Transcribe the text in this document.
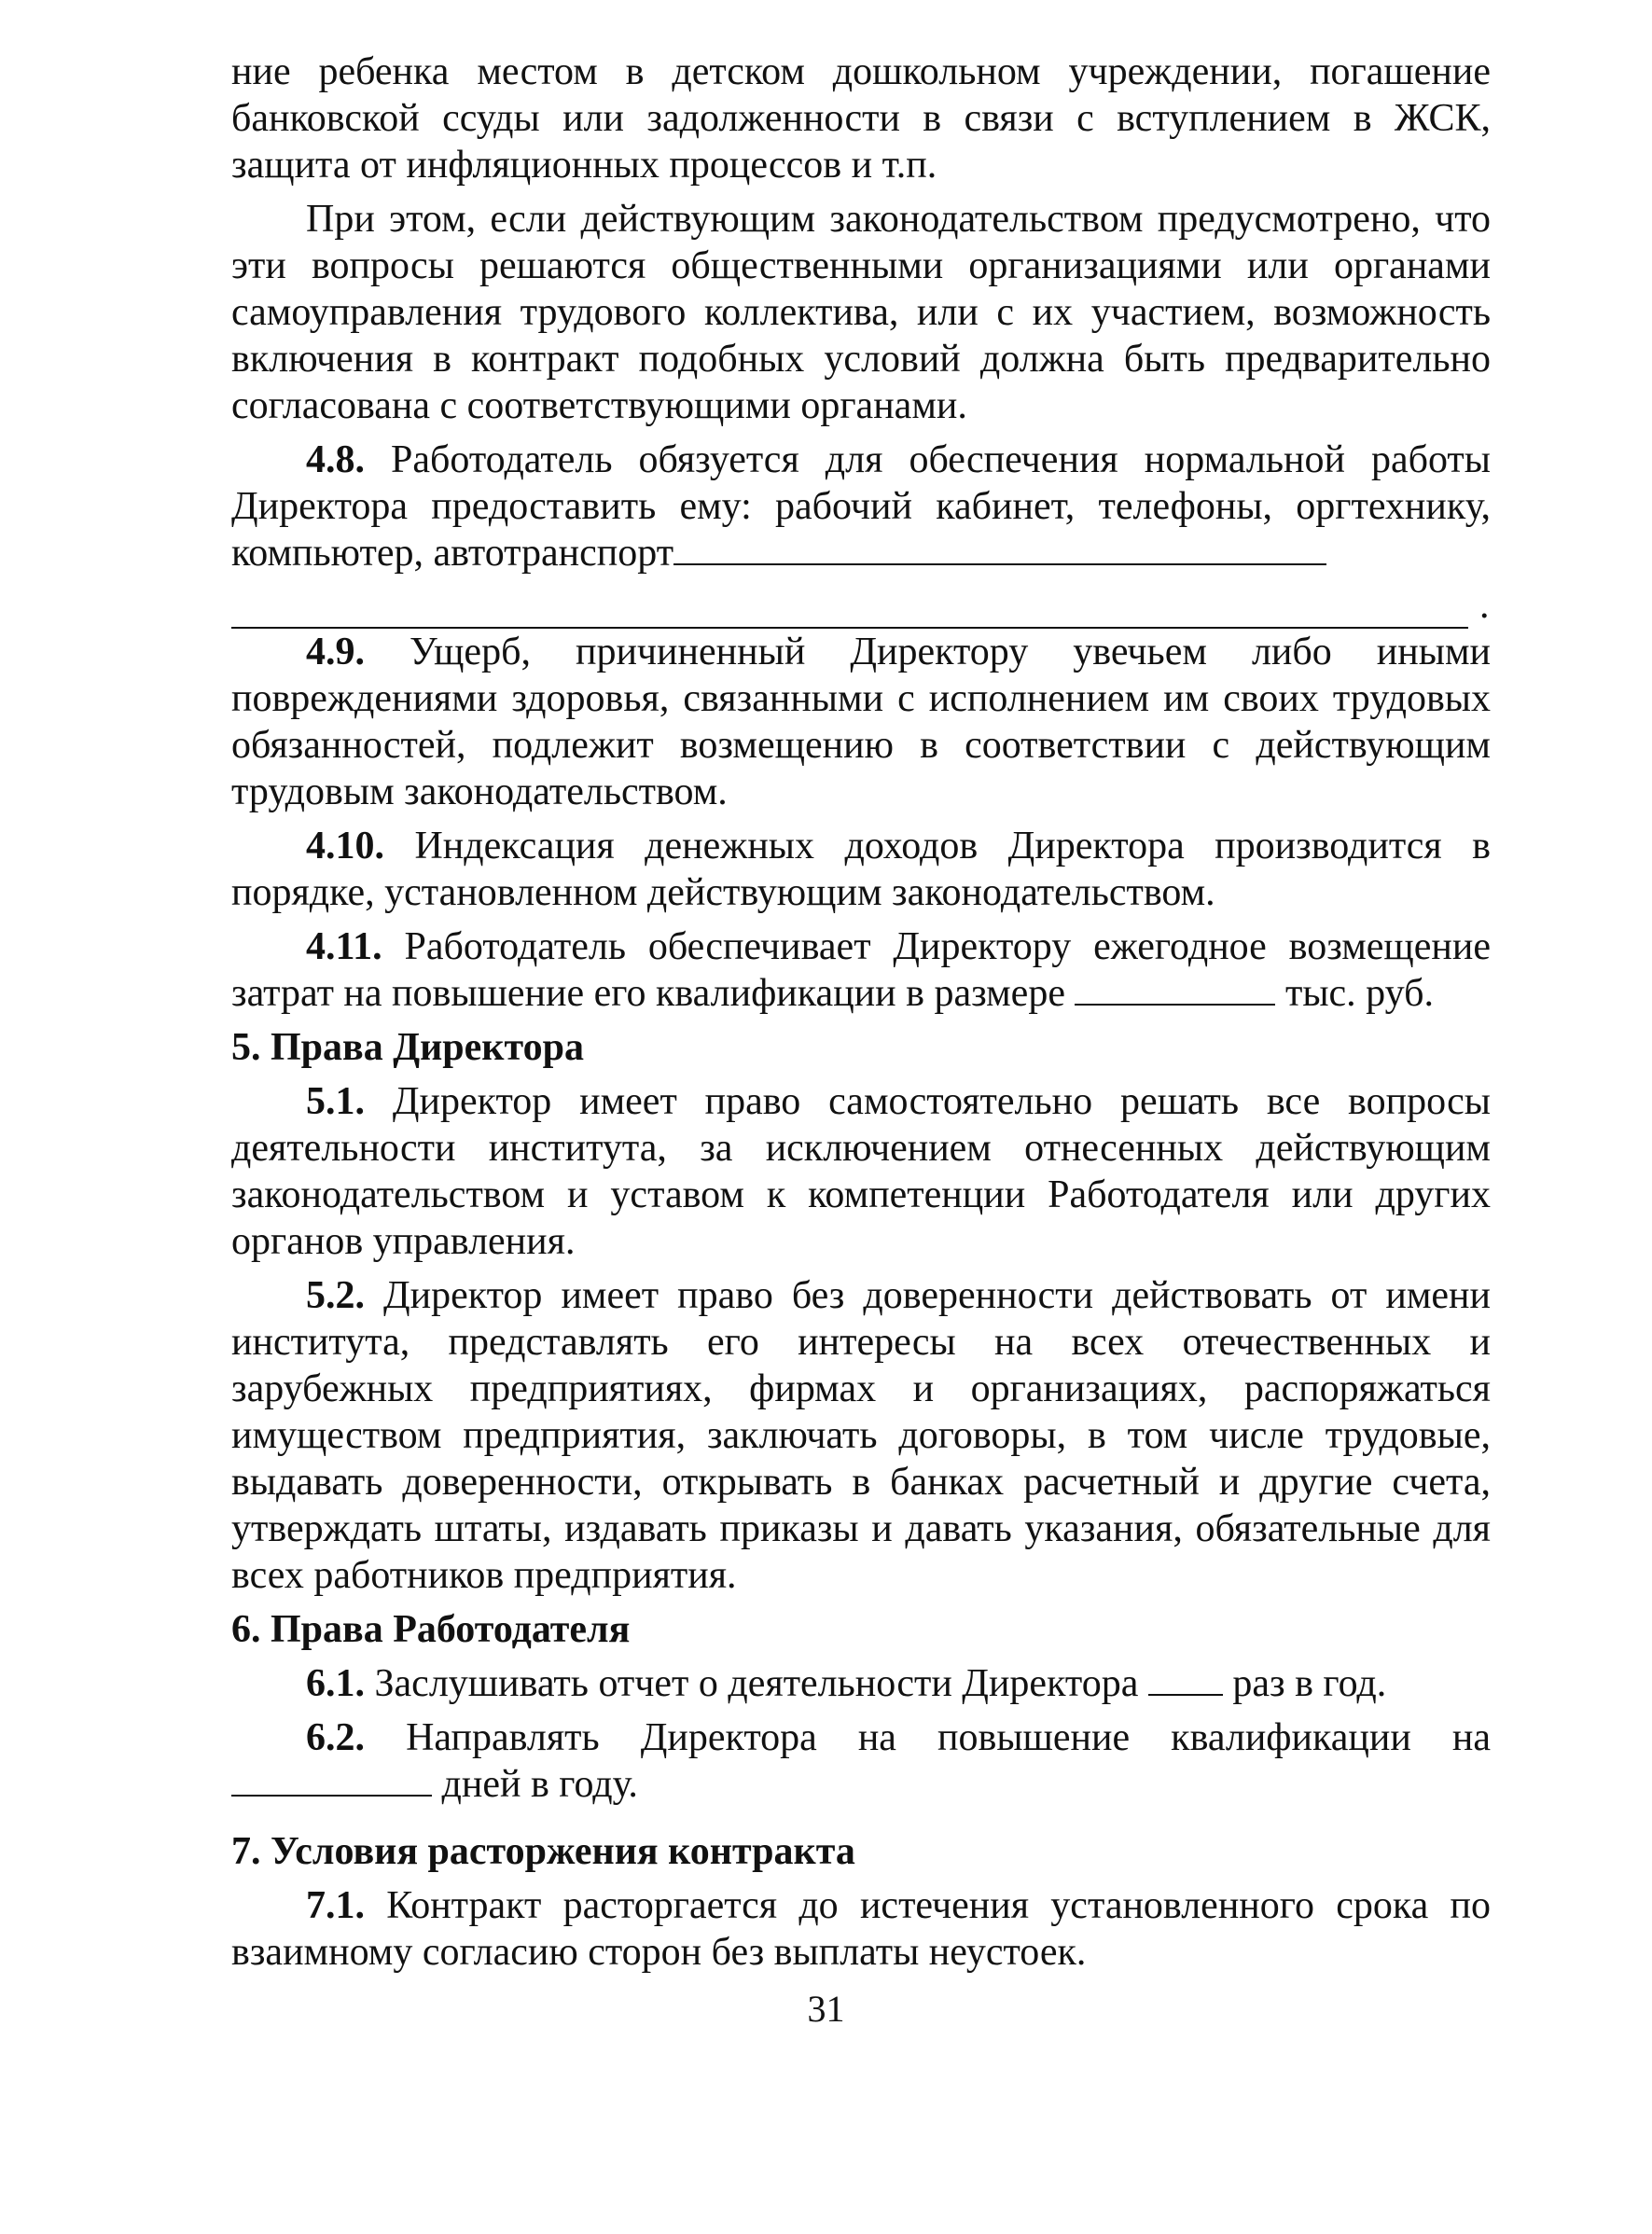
ние ребенка местом в детском дошкольном учреждении, погашение банковской ссуды или задолженности в связи с вступлением в ЖСК, защита от инфляционных процессов и т.п.

При этом, если действующим законодательством предусмотрено, что эти вопросы решаются общественными организациями или органами самоуправления трудового коллектива, или с их участием, возможность включения в контракт подобных условий должна быть предварительно согласована с соответствующими органами.

4.8. Работодатель обязуется для обеспечения нормальной работы Директора предоставить ему: рабочий кабинет, телефоны, оргтехнику, компьютер, автотранспорт

.

4.9. Ущерб, причиненный Директору увечьем либо иными повреждениями здоровья, связанными с исполнением им своих трудовых обязанностей, подлежит возмещению в соответствии с действующим трудовым законодательством.

4.10. Индексация денежных доходов Директора производится в порядке, установленном действующим законодательством.

4.11. Работодатель обеспечивает Директору ежегодное возмещение затрат на повышение его квалификации в размере	тыс. руб.

5. Права Директора

5.1. Директор имеет право самостоятельно решать все вопросы деятельности института, за исключением отнесенных действующим законодательством и уставом к компетенции Работодателя или других органов управления.

5.2. Директор имеет право без доверенности действовать от имени института, представлять его интересы на всех отечественных и зарубежных предприятиях, фирмах и организациях, распоряжаться имуществом предприятия, заключать договоры, в том числе трудовые, выдавать доверенности, открывать в банках расчетный и другие счета, утверждать штаты, издавать приказы и давать указания, обязательные для всех работников предприятия.

6. Права Работодателя

6.1. Заслушивать отчет о деятельности Директора раз в год.

6.2. Направлять Директора на повышение квалификации на  дней в году.

7. Условия расторжения контракта

7.1. Контракт расторгается до истечения установленного срока по взаимному согласию сторон без выплаты неустоек.

31
